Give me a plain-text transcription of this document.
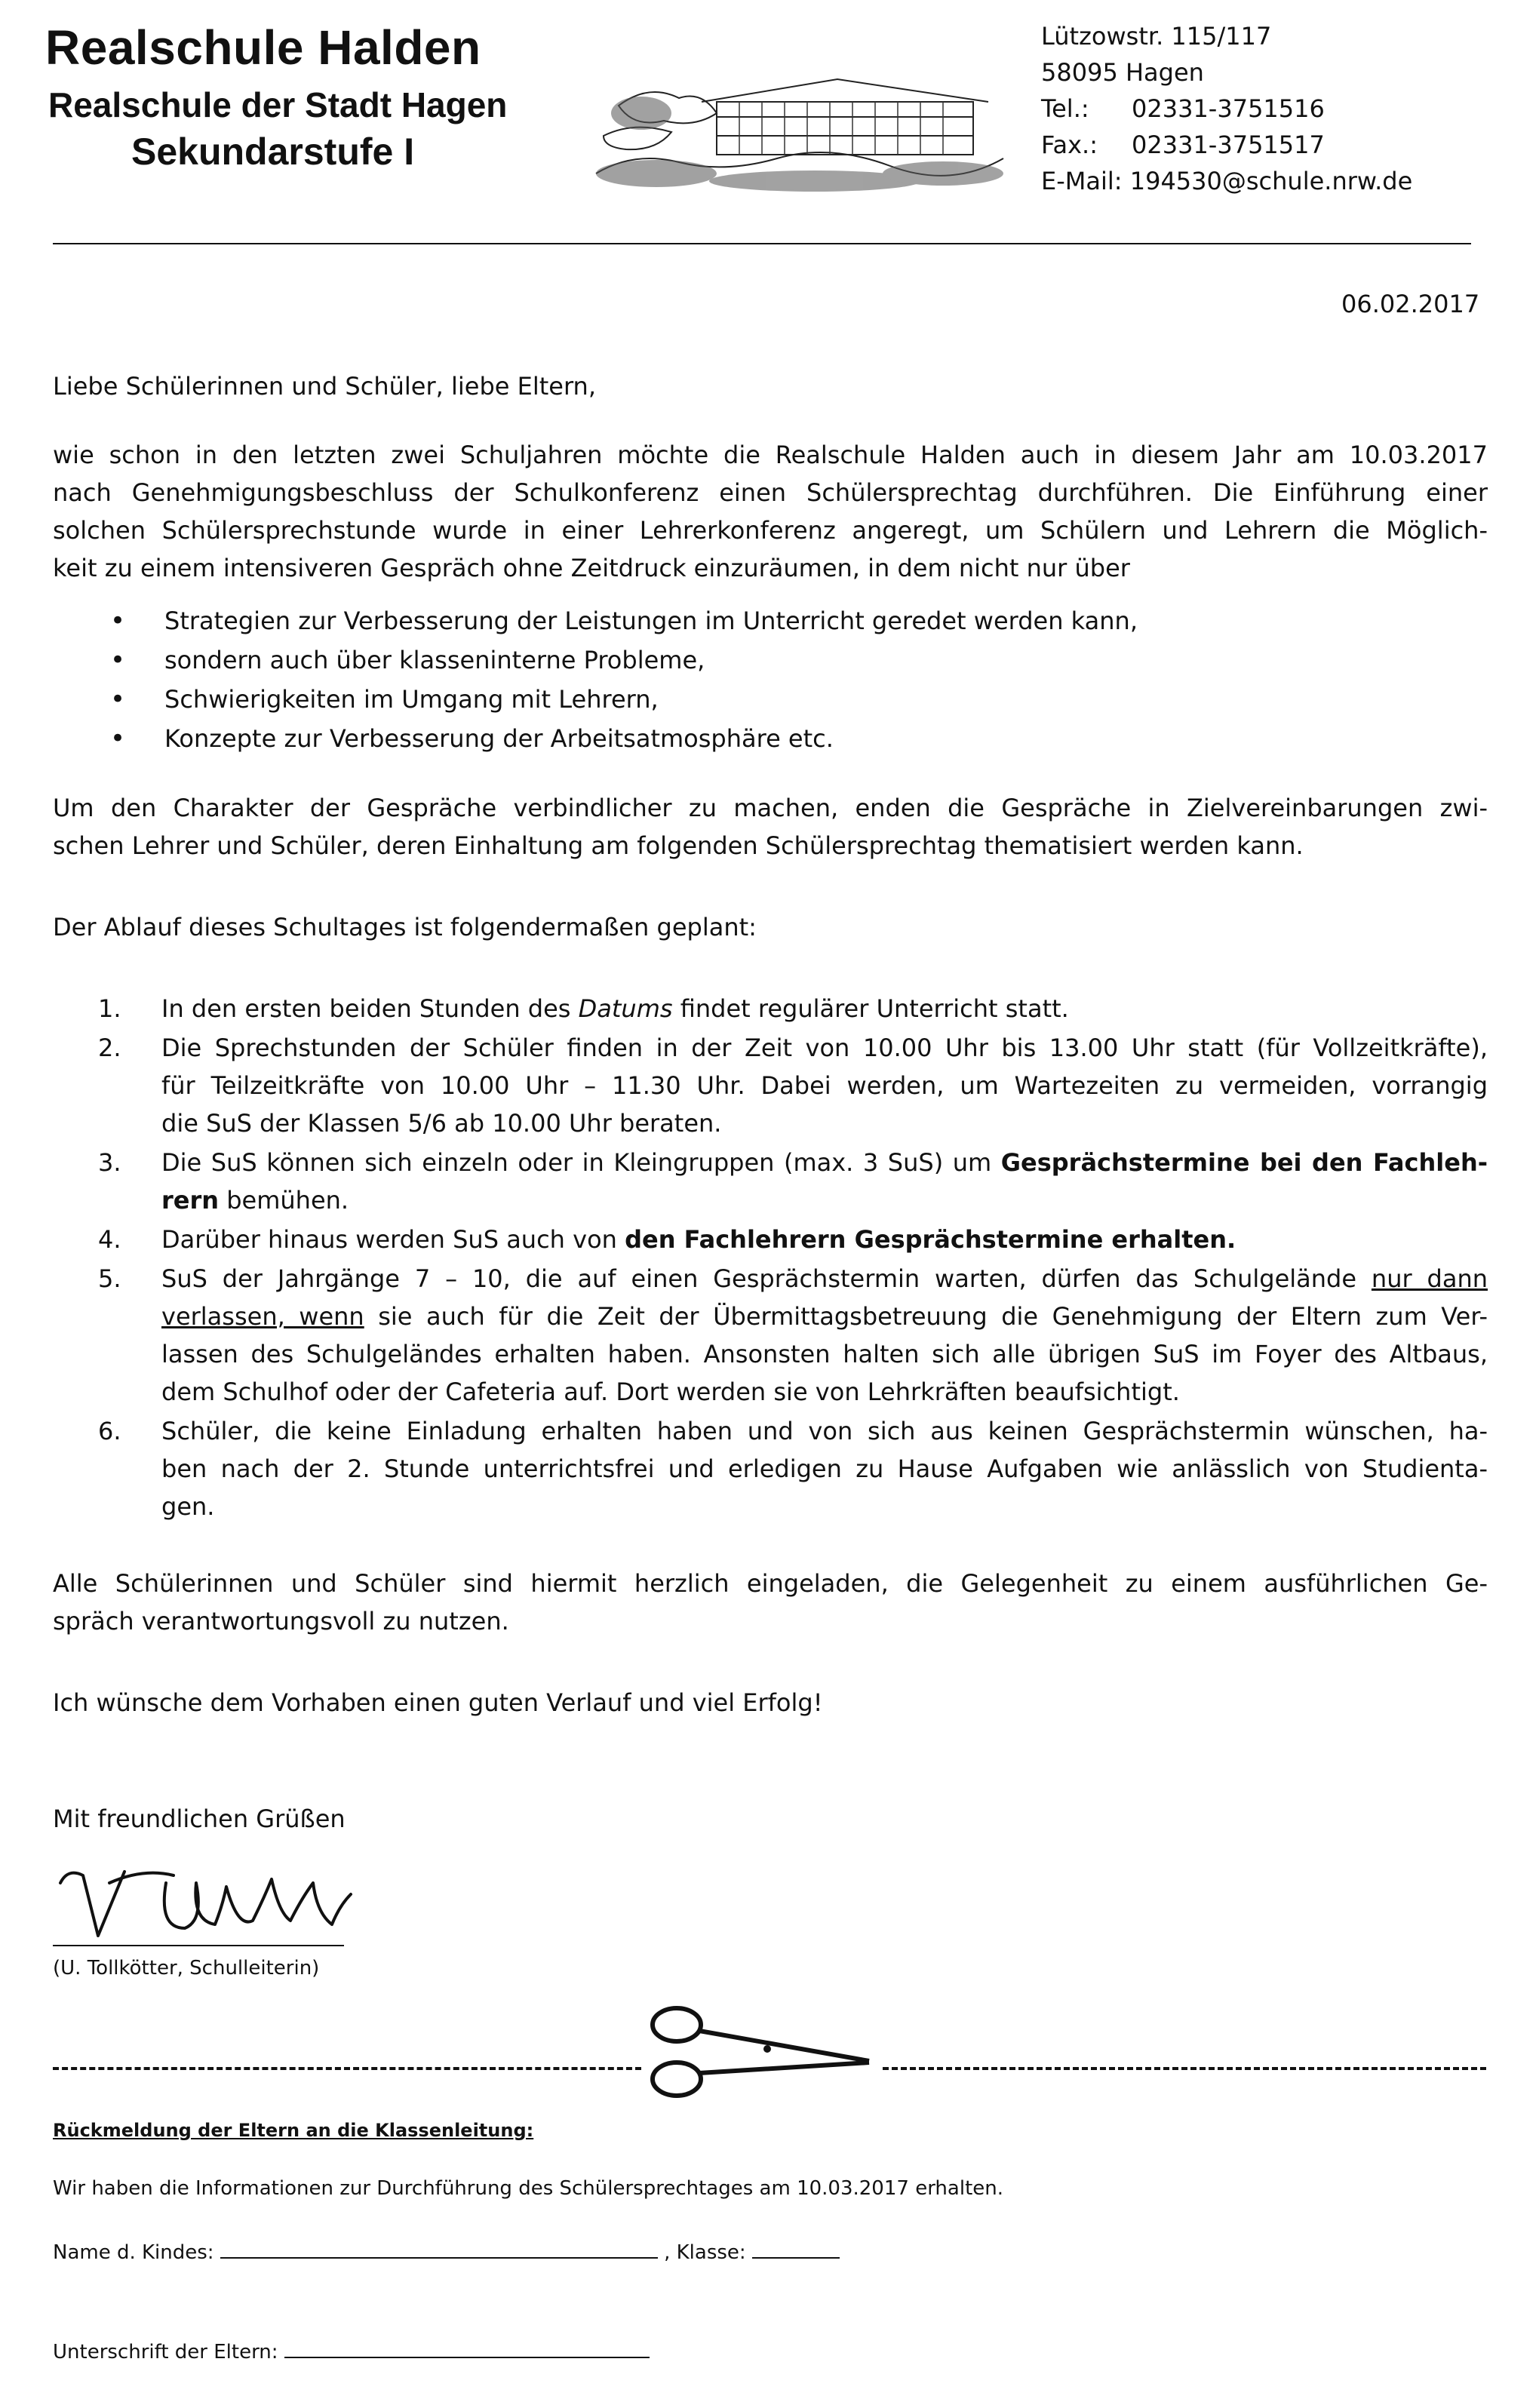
Realschule Halden
Realschule der Stadt Hagen
Sekundarstufe I
Lützowstr. 115/117
58095 Hagen
Tel.: 02331-3751516
Fax.: 02331-3751517
E-Mail: 194530@schule.nrw.de
06.02.2017
Liebe Schülerinnen und Schüler, liebe Eltern,
wie schon in den letzten zwei Schuljahren möchte die Realschule Halden auch in diesem Jahr am 10.03.2017
nach Genehmigungsbeschluss der Schulkonferenz einen Schülersprechtag durchführen. Die Einführung einer
solchen Schülersprechstunde wurde in einer Lehrerkonferenz angeregt, um Schülern und Lehrern die Möglich-
keit zu einem intensiveren Gespräch ohne Zeitdruck einzuräumen, in dem nicht nur über
• Strategien zur Verbesserung der Leistungen im Unterricht geredet werden kann,
• sondern auch über klasseninterne Probleme,
• Schwierigkeiten im Umgang mit Lehrern,
• Konzepte zur Verbesserung der Arbeitsatmosphäre etc.
Um den Charakter der Gespräche verbindlicher zu machen, enden die Gespräche in Zielvereinbarungen zwi-
schen Lehrer und Schüler, deren Einhaltung am folgenden Schülersprechtag thematisiert werden kann.
Der Ablauf dieses Schultages ist folgendermaßen geplant:
1. In den ersten beiden Stunden des Datums findet regulärer Unterricht statt.
2. Die Sprechstunden der Schüler finden in der Zeit von 10.00 Uhr bis 13.00 Uhr statt (für Vollzeitkräfte),
für Teilzeitkräfte von 10.00 Uhr – 11.30 Uhr. Dabei werden, um Wartezeiten zu vermeiden, vorrangig
die SuS der Klassen 5/6 ab 10.00 Uhr beraten.
3. Die SuS können sich einzeln oder in Kleingruppen (max. 3 SuS) um Gesprächstermine bei den Fachleh-
rern bemühen.
4. Darüber hinaus werden SuS auch von den Fachlehrern Gesprächstermine erhalten.
5. SuS der Jahrgänge 7 – 10, die auf einen Gesprächstermin warten, dürfen das Schulgelände nur dann
verlassen, wenn sie auch für die Zeit der Übermittagsbetreuung die Genehmigung der Eltern zum Ver-
lassen des Schulgeländes erhalten haben. Ansonsten halten sich alle übrigen SuS im Foyer des Altbaus,
dem Schulhof oder der Cafeteria auf. Dort werden sie von Lehrkräften beaufsichtigt.
6. Schüler, die keine Einladung erhalten haben und von sich aus keinen Gesprächstermin wünschen, ha-
ben nach der 2. Stunde unterrichtsfrei und erledigen zu Hause Aufgaben wie anlässlich von Studienta-
gen.
Alle Schülerinnen und Schüler sind hiermit herzlich eingeladen, die Gelegenheit zu einem ausführlichen Ge-
spräch verantwortungsvoll zu nutzen.
Ich wünsche dem Vorhaben einen guten Verlauf und viel Erfolg!
Mit freundlichen Grüßen
(U. Tollkötter, Schulleiterin)
Rückmeldung der Eltern an die Klassenleitung:
Wir haben die Informationen zur Durchführung des Schülersprechtages am 10.03.2017 erhalten.
Name d. Kindes:	, Klasse:
Unterschrift der Eltern:
